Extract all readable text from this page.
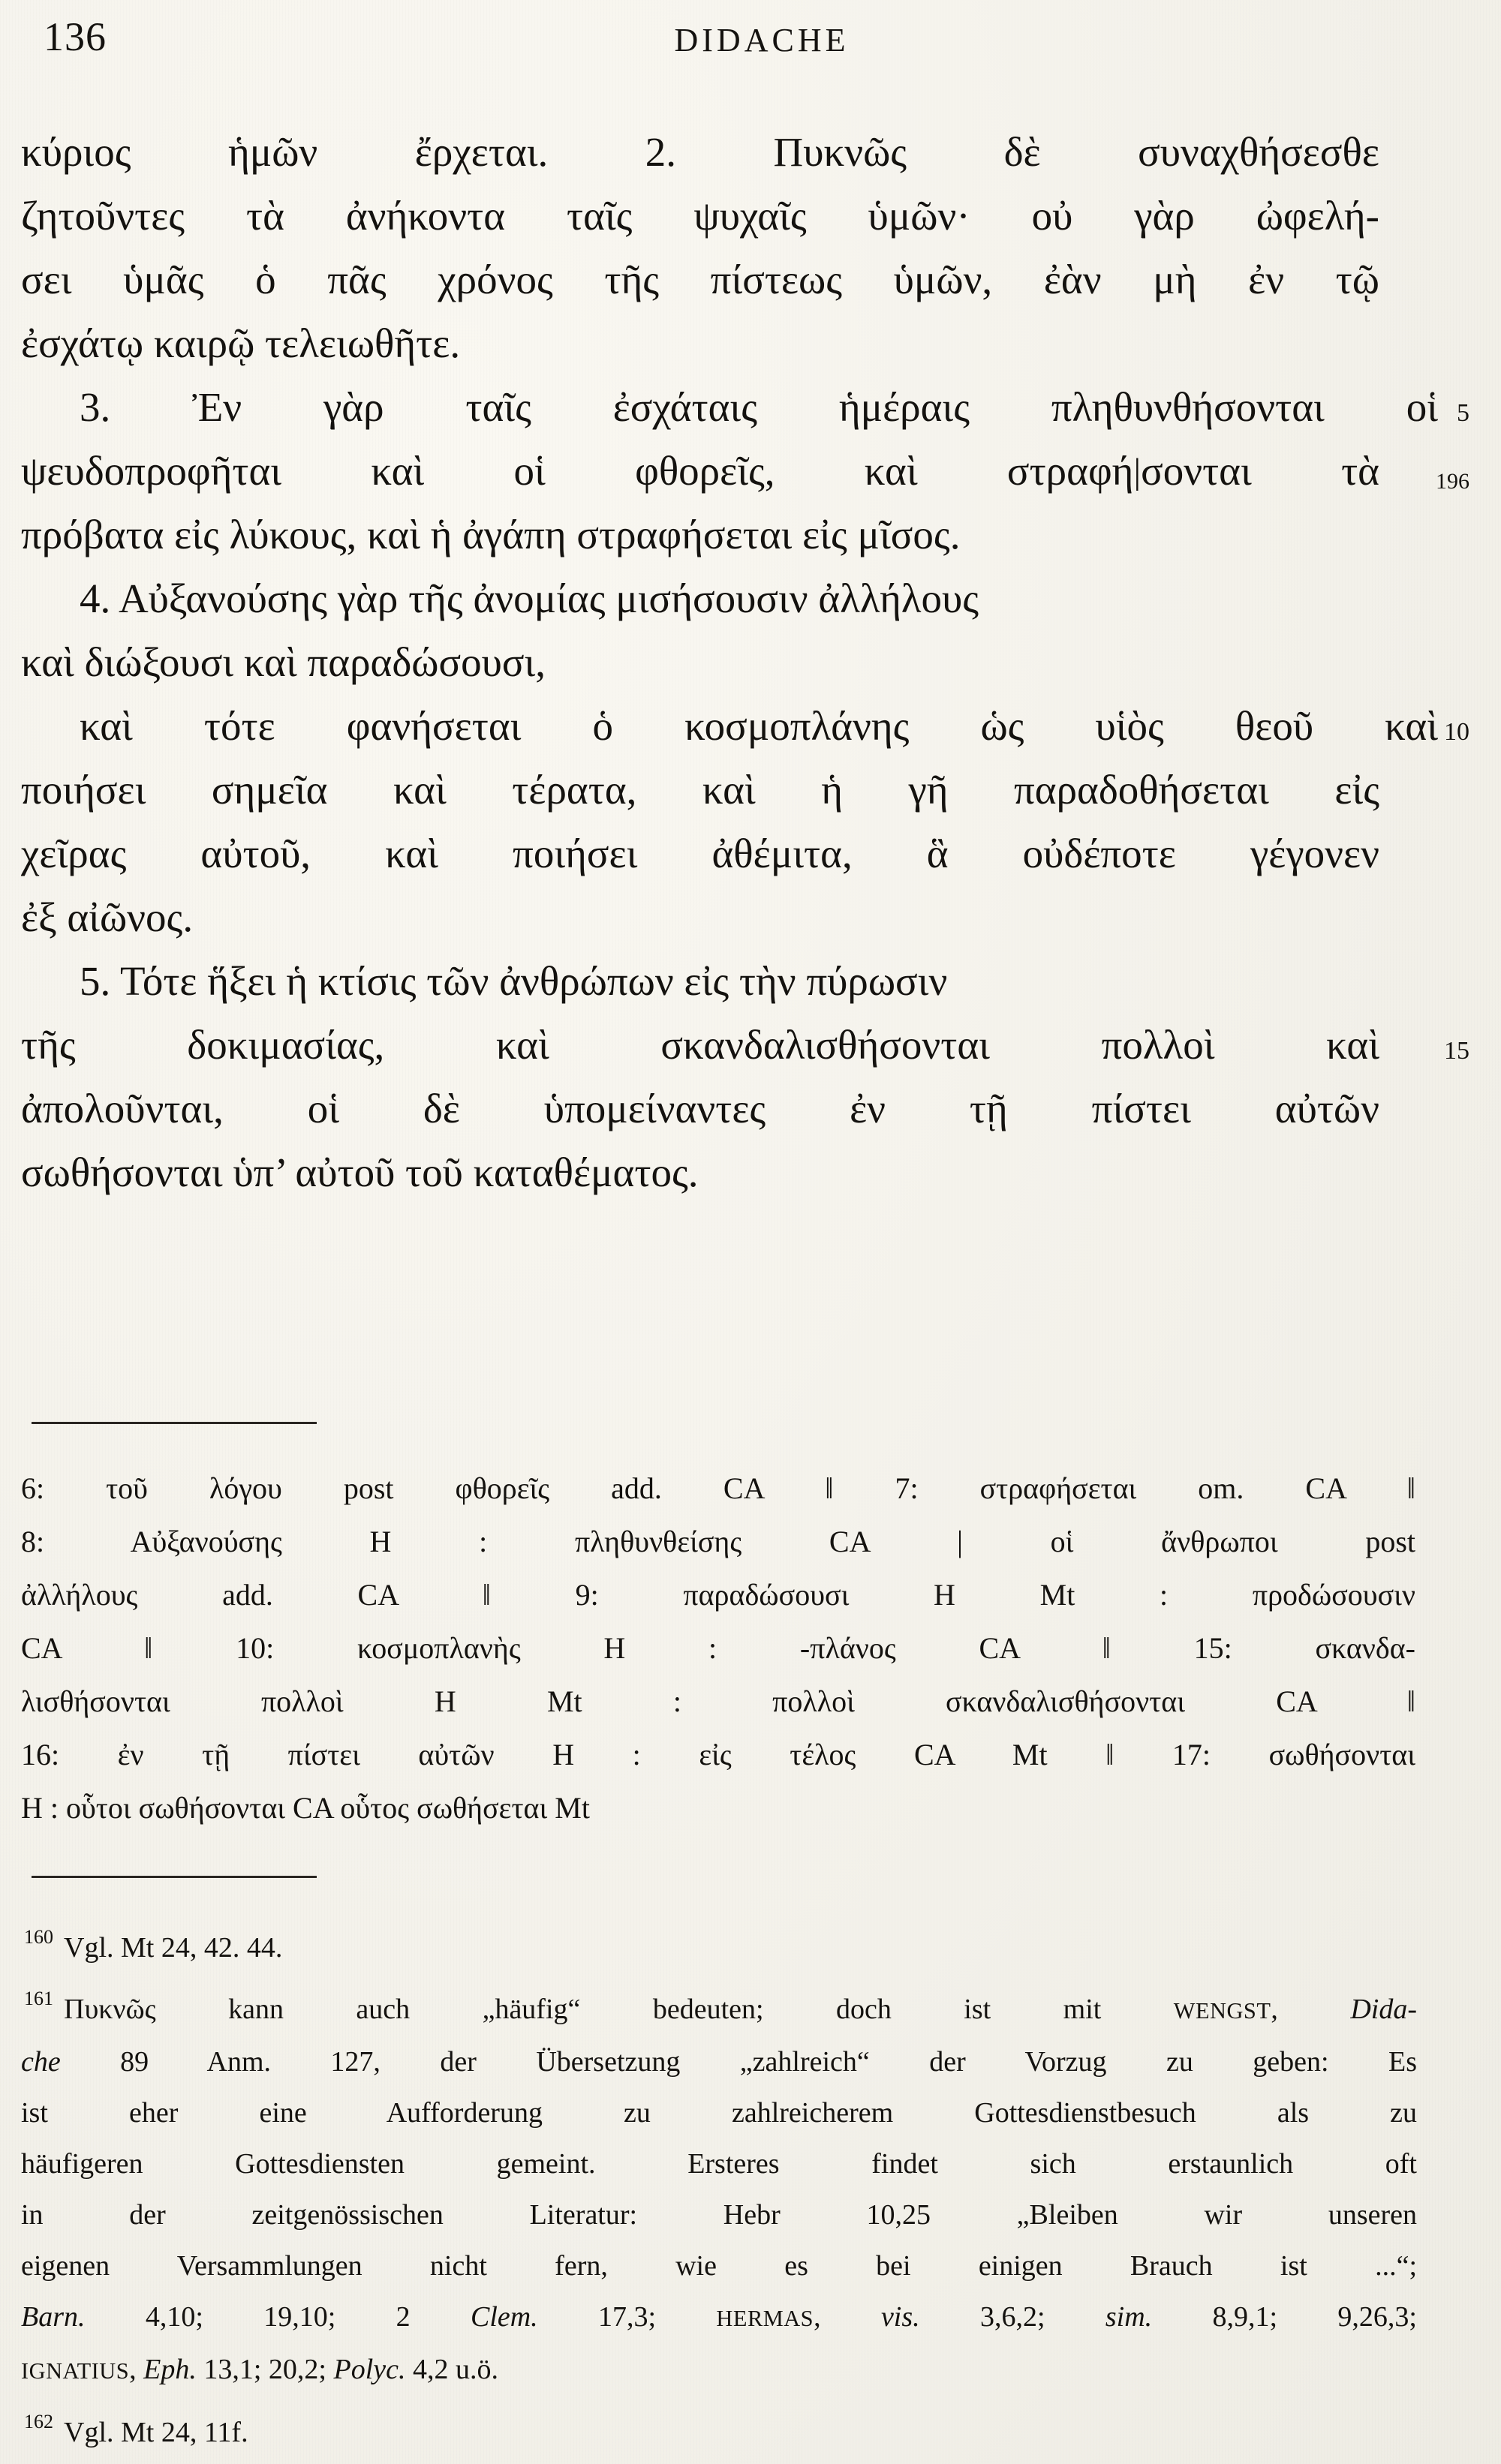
136	DIDACHE
κύριος ἡμῶν ἔρχεται. 2. Πυκνῶς δὲ συναχθήσεσθε
ζητοῦντες τὰ ἀνήκοντα ταῖς ψυχαῖς ὑμῶν· οὐ γὰρ ὠφελή-
σει ὑμᾶς ὁ πᾶς χρόνος τῆς πίστεως ὑμῶν, ἐὰν μὴ ἐν τῷ
ἐσχάτῳ καιρῷ τελειωθῆτε.
3. Ἐν γὰρ ταῖς ἐσχάταις ἡμέραις πληθυνθήσονται οἱ 5
ψευδοπροφῆται καὶ οἱ φθορεῖς, καὶ στραφή|σονται τὰ	196
πρόβατα εἰς λύκους, καὶ ἡ ἀγάπη στραφήσεται εἰς μῖσος.
4. Αὐξανούσης γὰρ τῆς ἀνομίας μισήσουσιν ἀλλήλους
καὶ διώξουσι καὶ παραδώσουσι,
καὶ τότε φανήσεται ὁ κοσμοπλάνης ὡς υἱὸς θεοῦ καὶ 10
ποιήσει σημεῖα καὶ τέρατα, καὶ ἡ γῆ παραδοθήσεται εἰς
χεῖρας αὐτοῦ, καὶ ποιήσει ἀθέμιτα, ἃ οὐδέποτε γέγονεν
ἐξ αἰῶνος.
5. Τότε ἥξει ἡ κτίσις τῶν ἀνθρώπων εἰς τὴν πύρωσιν
τῆς δοκιμασίας, καὶ σκανδαλισθήσονται πολλοὶ καὶ	15
ἀπολοῦνται, οἱ δὲ ὑπομείναντες ἐν τῇ πίστει αὐτῶν
σωθήσονται ὑπ’ αὐτοῦ τοῦ καταθέματος.
6: τοῦ λόγου post φθορεῖς add. CA ‖ 7: στραφήσεται om. CA ‖
8: Αὐξανούσης Η : πληθυνθείσης CA | οἱ ἄνθρωποι post
ἀλλήλους add. CA ‖ 9: παραδώσουσι Η Mt : προδώσουσιν
CA ‖ 10: κοσμοπλανὴς Η : -πλάνος CA ‖ 15: σκανδα-
λισθήσονται πολλοὶ Η Mt : πολλοὶ σκανδαλισθήσονται CA ‖
16: ἐν τῇ πίστει αὐτῶν Η : εἰς τέλος CA Mt ‖ 17: σωθήσονται
Η : οὗτοι σωθήσονται CA οὗτος σωθήσεται Mt
$^{160}$ Vgl. Mt 24, 42. 44.
$^{161}$ Πυκνῶς kann auch „häufig“ bedeuten; doch ist mit WENGST, Dida-
che 89 Anm. 127, der Übersetzung „zahlreich“ der Vorzug zu geben: Es
ist eher eine Aufforderung zu zahlreicherem Gottesdienstbesuch als zu
häufigeren Gottesdiensten gemeint. Ersteres findet sich erstaunlich oft
in der zeitgenössischen Literatur: Hebr 10,25 „Bleiben wir unseren
eigenen Versammlungen nicht fern, wie es bei einigen Brauch ist ...“;
Barn. 4,10; 19,10; 2 Clem. 17,3; HERMAS, vis. 3,6,2; sim. 8,9,1; 9,26,3;
IGNATIUS, Eph. 13,1; 20,2; Polyc. 4,2 u.ö.
$^{162}$ Vgl. Mt 24, 11f.
